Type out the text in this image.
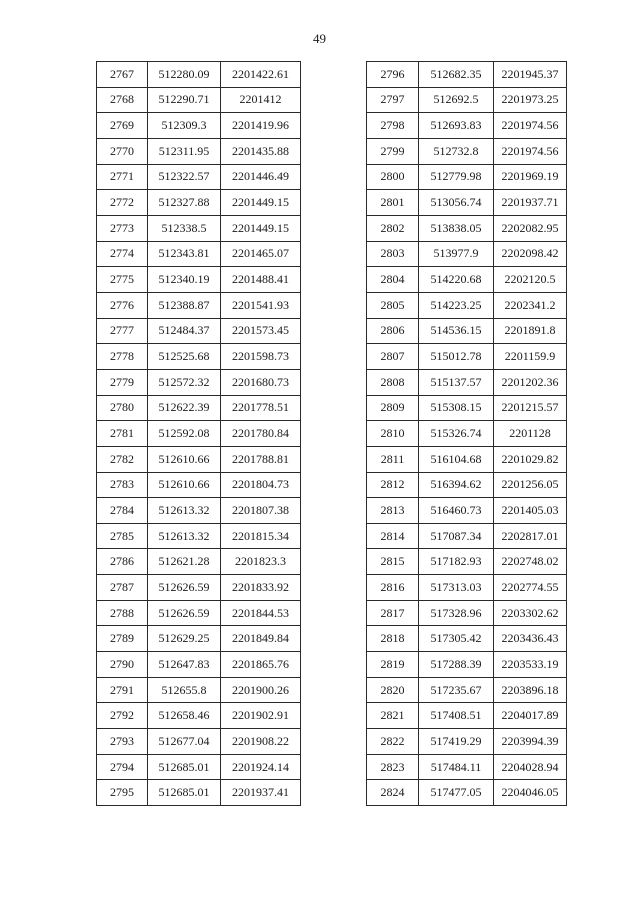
49
2767	512280.09	2201422.61
2768	512290.71	2201412
2769	512309.3	2201419.96
2770	512311.95	2201435.88
2771	512322.57	2201446.49
2772	512327.88	2201449.15
2773	512338.5	2201449.15
2774	512343.81	2201465.07
2775	512340.19	2201488.41
2776	512388.87	2201541.93
2777	512484.37	2201573.45
2778	512525.68	2201598.73
2779	512572.32	2201680.73
2780	512622.39	2201778.51
2781	512592.08	2201780.84
2782	512610.66	2201788.81
2783	512610.66	2201804.73
2784	512613.32	2201807.38
2785	512613.32	2201815.34
2786	512621.28	2201823.3
2787	512626.59	2201833.92
2788	512626.59	2201844.53
2789	512629.25	2201849.84
2790	512647.83	2201865.76
2791	512655.8	2201900.26
2792	512658.46	2201902.91
2793	512677.04	2201908.22
2794	512685.01	2201924.14
2795	512685.01	2201937.41
2796	512682.35	2201945.37
2797	512692.5	2201973.25
2798	512693.83	2201974.56
2799	512732.8	2201974.56
2800	512779.98	2201969.19
2801	513056.74	2201937.71
2802	513838.05	2202082.95
2803	513977.9	2202098.42
2804	514220.68	2202120.5
2805	514223.25	2202341.2
2806	514536.15	2201891.8
2807	515012.78	2201159.9
2808	515137.57	2201202.36
2809	515308.15	2201215.57
2810	515326.74	2201128
2811	516104.68	2201029.82
2812	516394.62	2201256.05
2813	516460.73	2201405.03
2814	517087.34	2202817.01
2815	517182.93	2202748.02
2816	517313.03	2202774.55
2817	517328.96	2203302.62
2818	517305.42	2203436.43
2819	517288.39	2203533.19
2820	517235.67	2203896.18
2821	517408.51	2204017.89
2822	517419.29	2203994.39
2823	517484.11	2204028.94
2824	517477.05	2204046.05
